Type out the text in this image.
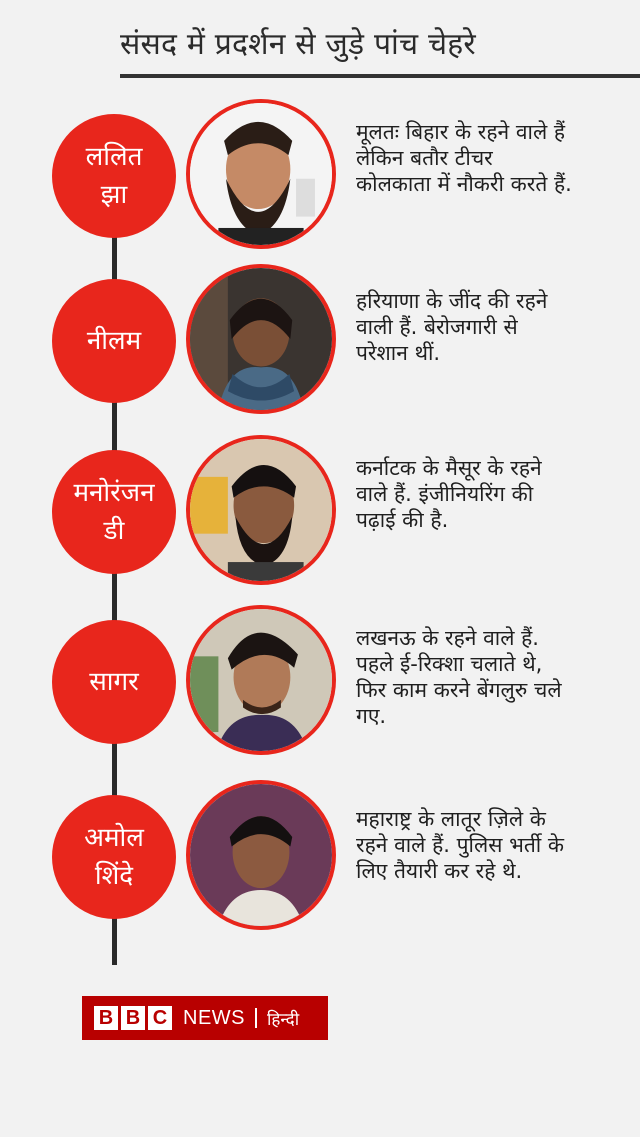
संसद में प्रदर्शन से जुड़े पांच चेहरे
ललित
झा
मूलतः बिहार के रहने वाले हैं
लेकिन बतौर टीचर
कोलकाता में नौकरी करते हैं.
नीलम
हरियाणा के जींद की रहने
वाली हैं. बेरोजगारी से
परेशान थीं.
मनोरंजन
डी
कर्नाटक के मैसूर के रहने
वाले हैं. इंजीनियरिंग की
पढ़ाई की है.
सागर
लखनऊ के रहने वाले हैं.
पहले ई-रिक्शा चलाते थे,
फिर काम करने बेंगलुरु चले
गए.
अमोल
शिंदे
महाराष्ट्र के लातूर ज़िले के
रहने वाले हैं. पुलिस भर्ती के
लिए तैयारी कर रहे थे.
B B C NEWS हिन्दी
